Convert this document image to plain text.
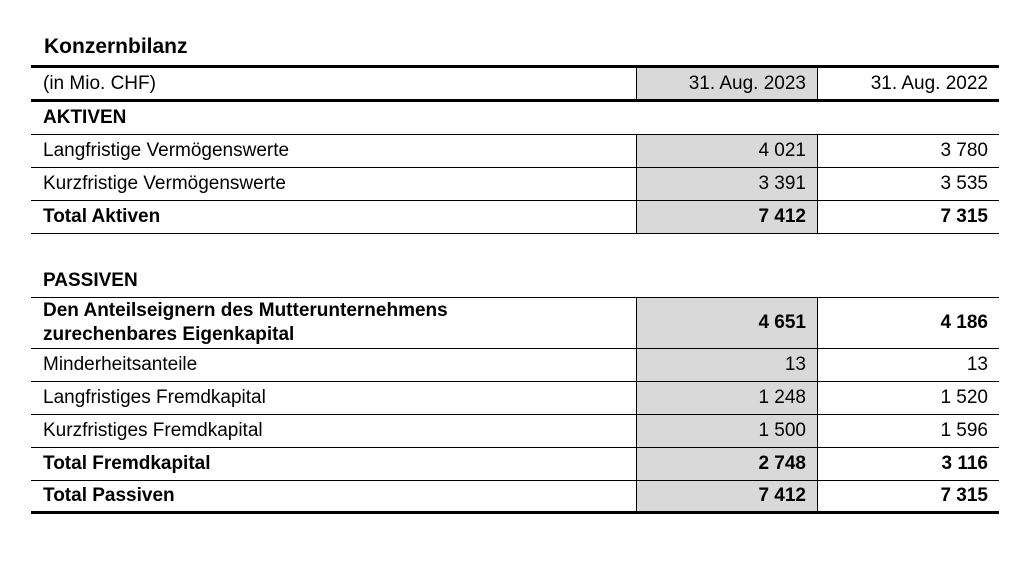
Konzernbilanz
(in Mio. CHF)	31. Aug. 2023	31. Aug. 2022
AKTIVEN
Langfristige Vermögenswerte	4 021	3 780
Kurzfristige Vermögenswerte	3 391	3 535
Total Aktiven	7 412	7 315
PASSIVEN
Den Anteilseignern des Mutterunternehmens
zurechenbares Eigenkapital
4 651	4 186
Minderheitsanteile	13	13
Langfristiges Fremdkapital	1 248	1 520
Kurzfristiges Fremdkapital	1 500	1 596
Total Fremdkapital	2 748	3 116
Total Passiven	7 412	7 315
